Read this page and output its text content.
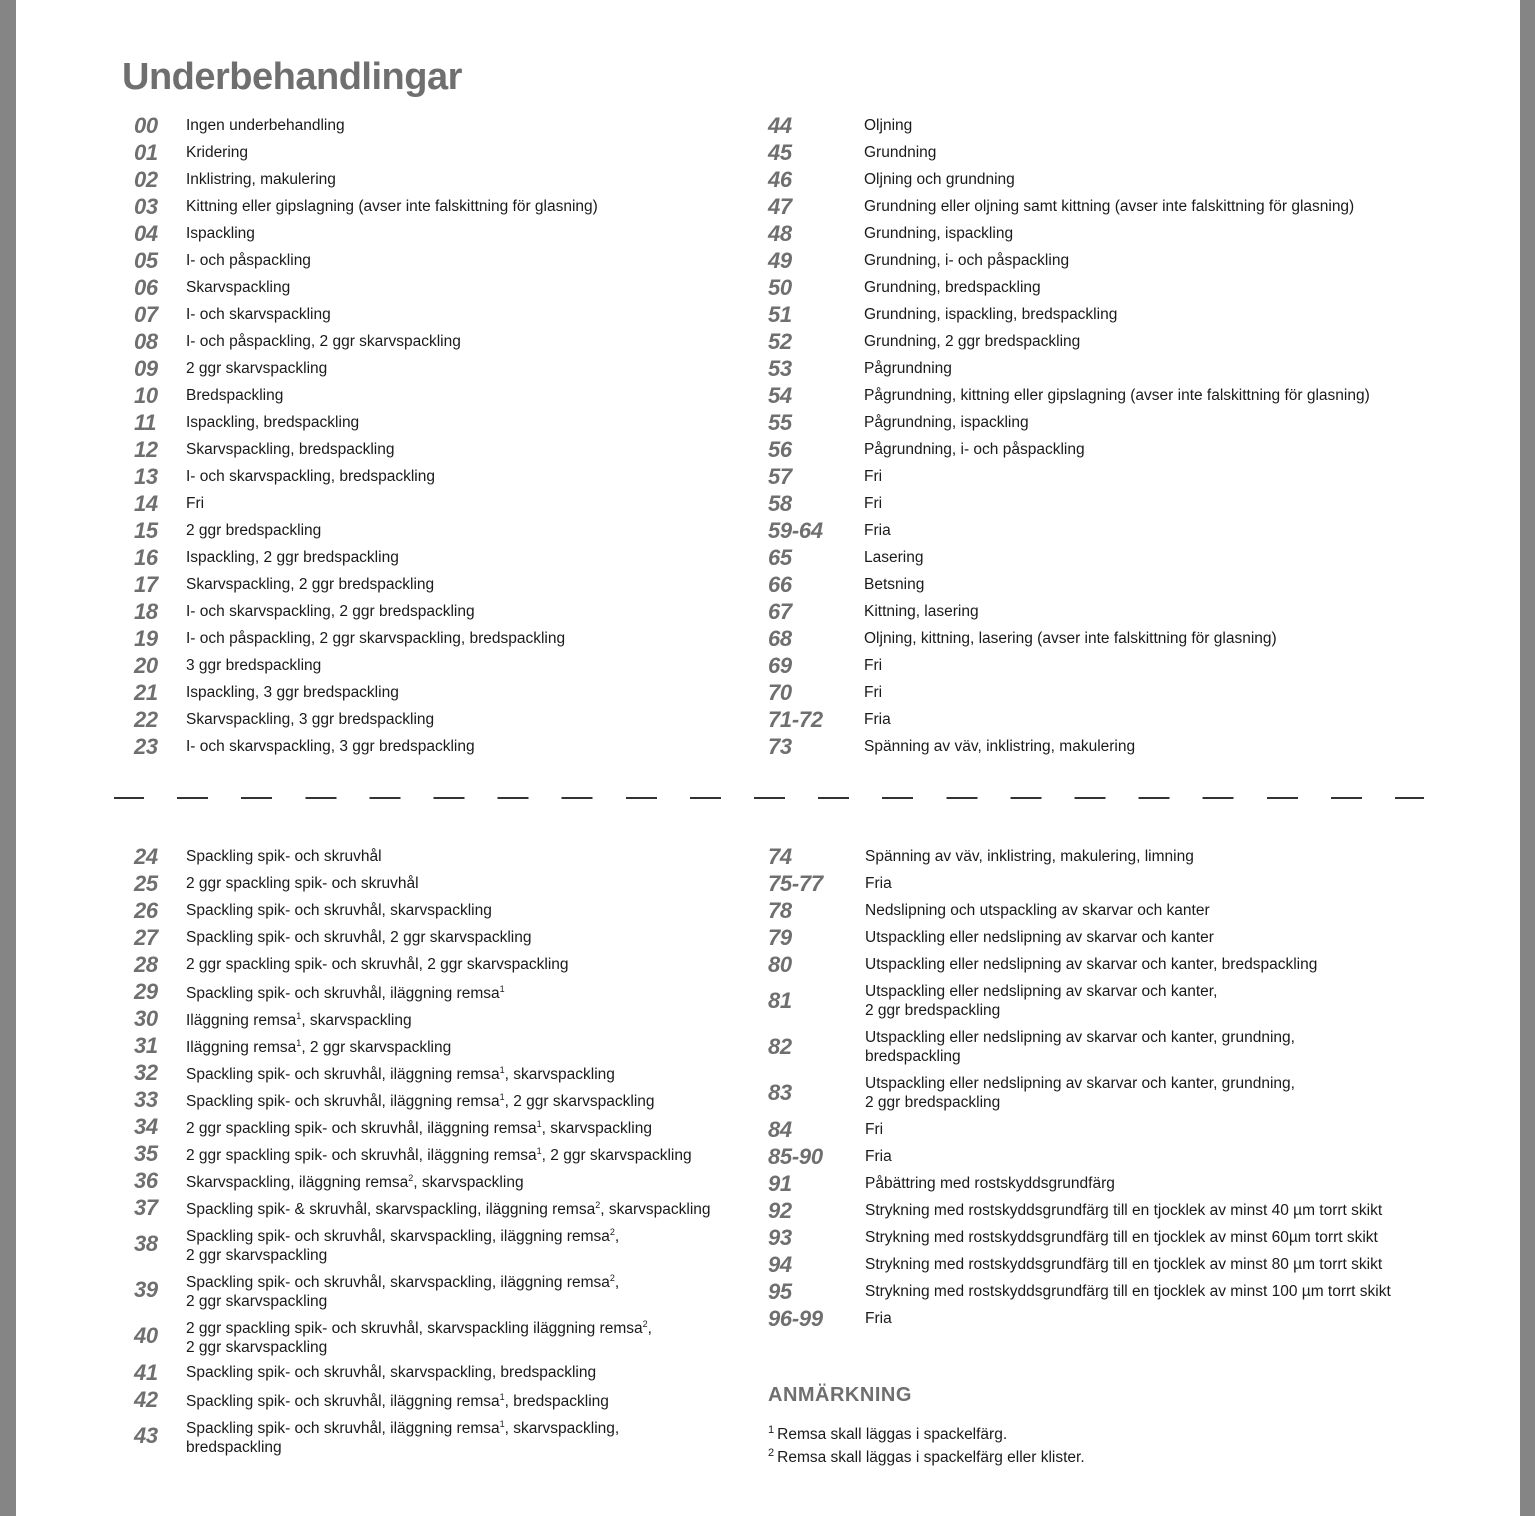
Underbehandlingar
00	Ingen underbehandling
01	Kridering
02	Inklistring, makulering
03	Kittning eller gipslagning (avser inte falskittning för glasning)
04	Ispackling
05	I- och påspackling
06	Skarvspackling
07	I- och skarvspackling
08	I- och påspackling, 2 ggr skarvspackling
09	2 ggr skarvspackling
10	Bredspackling
11	Ispackling, bredspackling
12	Skarvspackling, bredspackling
13	I- och skarvspackling, bredspackling
14	Fri
15	2 ggr bredspackling
16	Ispackling, 2 ggr bredspackling
17	Skarvspackling, 2 ggr bredspackling
18	I- och skarvspackling, 2 ggr bredspackling
19	I- och påspackling, 2 ggr skarvspackling, bredspackling
20	3 ggr bredspackling
21	Ispackling, 3 ggr bredspackling
22	Skarvspackling, 3 ggr bredspackling
23	I- och skarvspackling, 3 ggr bredspackling
44	Oljning
45	Grundning
46	Oljning och grundning
47	Grundning eller oljning samt kittning (avser inte falskittning för glasning)
48	Grundning, ispackling
49	Grundning, i- och påspackling
50	Grundning, bredspackling
51	Grundning, ispackling, bredspackling
52	Grundning, 2 ggr bredspackling
53	Pågrundning
54	Pågrundning, kittning eller gipslagning (avser inte falskittning för glasning)
55	Pågrundning, ispackling
56	Pågrundning, i- och påspackling
57	Fri
58	Fri
59-64	Fria
65	Lasering
66	Betsning
67	Kittning, lasering
68	Oljning, kittning, lasering (avser inte falskittning för glasning)
69	Fri
70	Fri
71-72	Fria
73	Spänning av väv, inklistring, makulering
24	Spackling spik- och skruvhål
25	2 ggr spackling spik- och skruvhål
26	Spackling spik- och skruvhål, skarvspackling
27	Spackling spik- och skruvhål, 2 ggr skarvspackling
28	2 ggr spackling spik- och skruvhål, 2 ggr skarvspackling
29	Spackling spik- och skruvhål, iläggning remsa$^1$
30	Iläggning remsa$^1$, skarvspackling
31	Iläggning remsa$^1$, 2 ggr skarvspackling
32	Spackling spik- och skruvhål, iläggning remsa$^1$, skarvspackling
33	Spackling spik- och skruvhål, iläggning remsa$^1$, 2 ggr skarvspackling
34	2 ggr spackling spik- och skruvhål, iläggning remsa$^1$, skarvspackling
35	2 ggr spackling spik- och skruvhål, iläggning remsa$^1$, 2 ggr skarvspackling
36	Skarvspackling, iläggning remsa$^2$, skarvspackling
37	Spackling spik- & skruvhål, skarvspackling, iläggning remsa$^2$, skarvspackling
38	Spackling spik- och skruvhål, skarvspackling, iläggning remsa$^2$,
2 ggr skarvspackling
39	Spackling spik- och skruvhål, skarvspackling, iläggning remsa$^2$,
2 ggr skarvspackling
40	2 ggr spackling spik- och skruvhål, skarvspackling iläggning remsa$^2$,
2 ggr skarvspackling
41	Spackling spik- och skruvhål, skarvspackling, bredspackling
42	Spackling spik- och skruvhål, iläggning remsa$^1$, bredspackling
43	Spackling spik- och skruvhål, iläggning remsa$^1$, skarvspackling,
bredspackling
74	Spänning av väv, inklistring, makulering, limning
75-77	Fria
78	Nedslipning och utspackling av skarvar och kanter
79	Utspackling eller nedslipning av skarvar och kanter
80	Utspackling eller nedslipning av skarvar och kanter, bredspackling
81	Utspackling eller nedslipning av skarvar och kanter,
2 ggr bredspackling
82	Utspackling eller nedslipning av skarvar och kanter, grundning,
bredspackling
83	Utspackling eller nedslipning av skarvar och kanter, grundning,
2 ggr bredspackling
84	Fri
85-90	Fria
91	Påbättring med rostskyddsgrundfärg
92	Strykning med rostskyddsgrundfärg till en tjocklek av minst 40 µm torrt skikt
93	Strykning med rostskyddsgrundfärg till en tjocklek av minst 60µm torrt skikt
94	Strykning med rostskyddsgrundfärg till en tjocklek av minst 80 µm torrt skikt
95	Strykning med rostskyddsgrundfärg till en tjocklek av minst 100 µm torrt skikt
96-99	Fria
ANMÄRKNING
$^1$ Remsa skall läggas i spackelfärg.
$^2$ Remsa skall läggas i spackelfärg eller klister.
